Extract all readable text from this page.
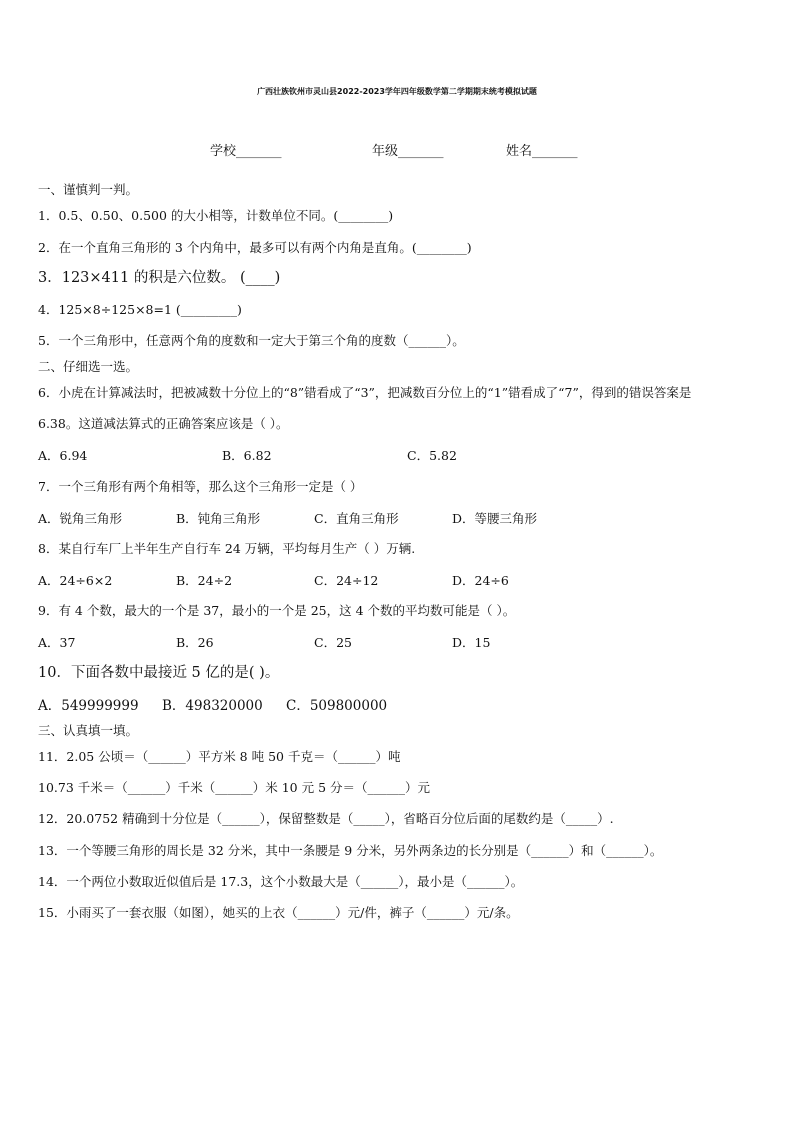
广西壮族钦州市灵山县2022-2023学年四年级数学第二学期期末统考模拟试题
学校_______	年级_______	姓名_______
一、谨慎判一判。
1．0.5、0.50、0.500 的大小相等，计数单位不同。(________)
2．在一个直角三角形的 3 个内角中，最多可以有两个内角是直角。(________)
3．123×411 的积是六位数。 (____)
4．125×8÷125×8=1 (_________)
5．一个三角形中，任意两个角的度数和一定大于第三个角的度数（______）。
二、仔细选一选。
6．小虎在计算减法时，把被减数十分位上的“8”错看成了“3”，把减数百分位上的“1”错看成了“7”，得到的错误答案是
6.38。这道减法算式的正确答案应该是（ ）。
A．6.94	B．6.82	C．5.82
7．一个三角形有两个角相等，那么这个三角形一定是（ ）
A．锐角三角形	B．钝角三角形	C．直角三角形	D．等腰三角形
8．某自行车厂上半年生产自行车 24 万辆，平均每月生产（ ）万辆.
A．24÷6×2	B．24÷2	C．24÷12	D．24÷6
9．有 4 个数，最大的一个是 37，最小的一个是 25，这 4 个数的平均数可能是（ ）。
A．37	B．26	C．25	D．15
10．下面各数中最接近 5 亿的是( )。
A．549999999 B．498320000 C．509800000
三、认真填一填。
11．2.05 公顷＝（______）平方米 8 吨 50 千克＝（______）吨
10.73 千米＝（______）千米（______）米 10 元 5 分＝（______）元
12．20.0752 精确到十分位是（______），保留整数是（_____），省略百分位后面的尾数约是（_____）.
13．一个等腰三角形的周长是 32 分米，其中一条腰是 9 分米，另外两条边的长分别是（______）和（______）。
14．一个两位小数取近似值后是 17.3，这个小数最大是（______），最小是（______）。
15．小雨买了一套衣服（如图），她买的上衣（______）元/件，裤子（______）元/条。
